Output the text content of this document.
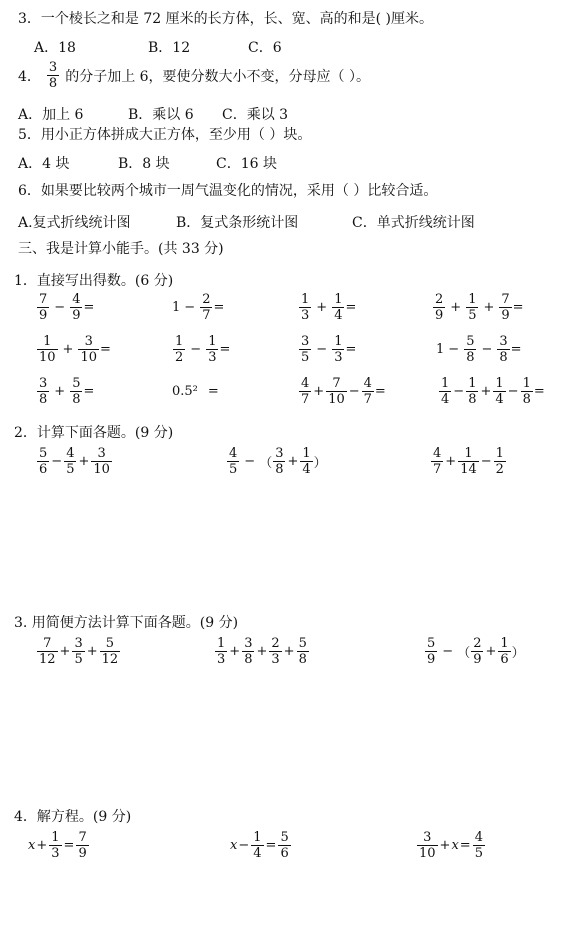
3．一个棱长之和是 72 厘米的长方体，长、宽、高的和是( )厘米。
A．18	B．12	C．6
4． $\frac{3}{8}$ 的分子加上 6，要使分数大小不变，分母应（ ）。
A．加上 6	B．乘以 6 C．乘以 3
5．用小正方体拼成大正方体，至少用（ ）块。
A．4 块	B．8 块	C．16 块
6．如果要比较两个城市一周气温变化的情况，采用（ ）比较合适。
A.复式折线统计图	B．复式条形统计图	C．单式折线统计图
三、我是计算小能手。(共 33 分)
1．直接写出得数。(6 分)
$\frac{7}{9} - \frac{4}{9}$ =	$1 - \frac{2}{7}$ =	$\frac{1}{3} + \frac{1}{4}$ =	$\frac{2}{9} + \frac{1}{5} + \frac{7}{9}$ =
$\frac{1}{10} + \frac{3}{10}$ =	$\frac{1}{2} - \frac{1}{3}$ =	$\frac{3}{5} - \frac{1}{3}$ =	$1 - \frac{5}{8} - \frac{3}{8}$ =
$\frac{3}{8} + \frac{5}{8}$ =	0.5² =	$\frac{4}{7} + \frac{7}{10} - \frac{4}{7}$ =	$\frac{1}{4} - \frac{1}{8} + \frac{1}{4} - \frac{1}{8}$ =
2．计算下面各题。(9 分)
$\frac{5}{6} - \frac{4}{5} + \frac{3}{10}$	$\frac{4}{5}$ − （ $\frac{3}{8} + \frac{1}{4}$ ）	$\frac{4}{7} + \frac{1}{14} - \frac{1}{2}$
3. 用简便方法计算下面各题。(9 分)
$\frac{7}{12} + \frac{3}{5} + \frac{5}{12}$	$\frac{1}{3} + \frac{3}{8} + \frac{2}{3} + \frac{5}{8}$	$\frac{5}{9}$ − （ $\frac{2}{9} + \frac{1}{6}$ ）
4．解方程。(9 分)
$x + \frac{1}{3} = \frac{7}{9}$	$x - \frac{1}{4} = \frac{5}{6}$	$\frac{3}{10} + x = \frac{4}{5}$
